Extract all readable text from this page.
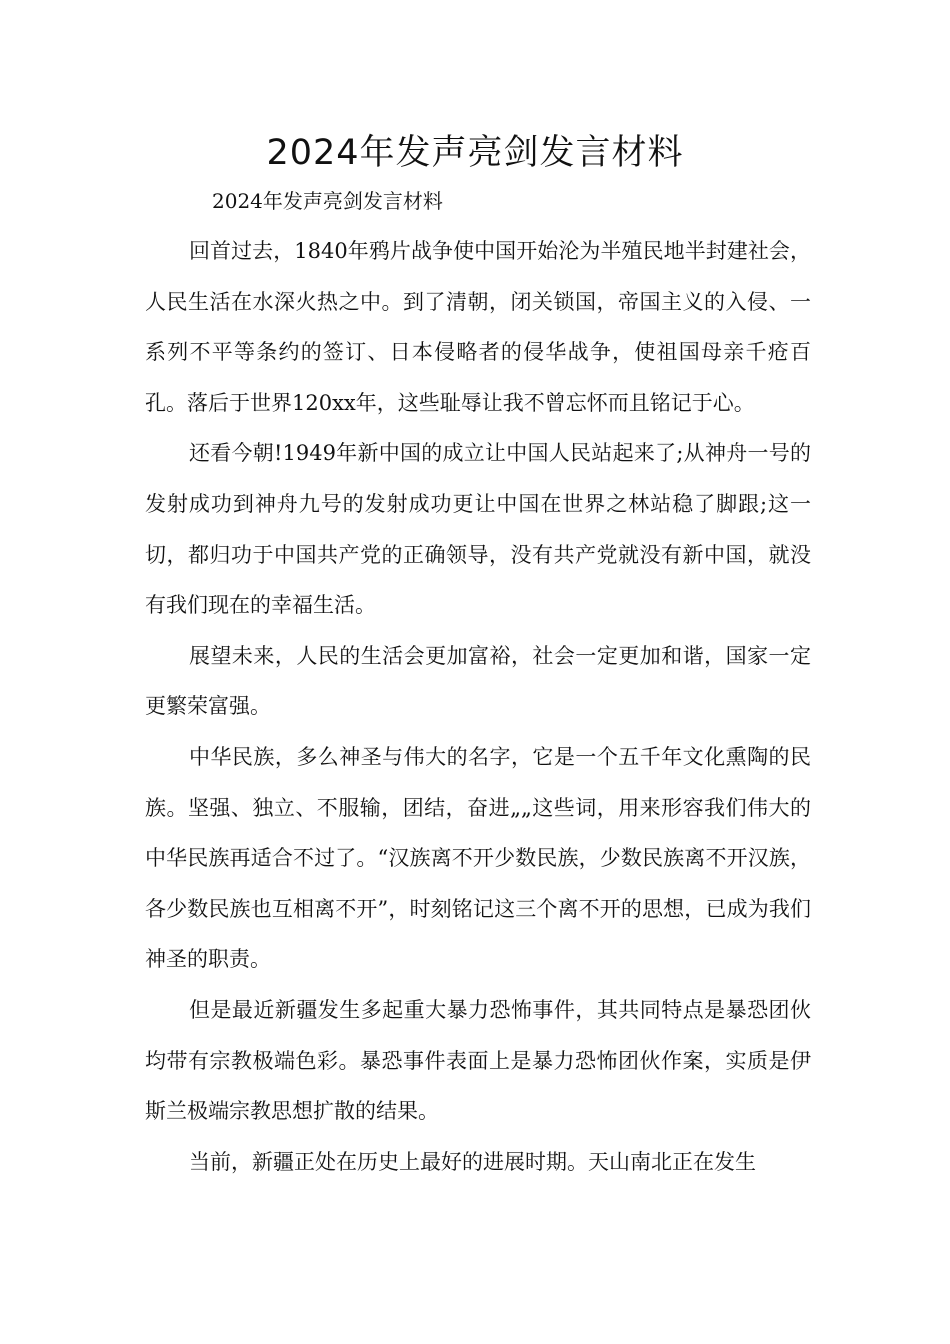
2024年发声亮剑发言材料

2024年发声亮剑发言材料

回首过去，1840年鸦片战争使中国开始沦为半殖民地半封建社会，人民生活在水深火热之中。到了清朝，闭关锁国，帝国主义的入侵、一系列不平等条约的签订、日本侵略者的侵华战争，使祖国母亲千疮百孔。落后于世界120xx年，这些耻辱让我不曾忘怀而且铭记于心。

还看今朝!1949年新中国的成立让中国人民站起来了;从神舟一号的发射成功到神舟九号的发射成功更让中国在世界之林站稳了脚跟;这一切，都归功于中国共产党的正确领导，没有共产党就没有新中国，就没有我们现在的幸福生活。

展望未来，人民的生活会更加富裕，社会一定更加和谐，国家一定更繁荣富强。

中华民族，多么神圣与伟大的名字，它是一个五千年文化熏陶的民族。坚强、独立、不服输，团结，奋进„„这些词，用来形容我们伟大的中华民族再适合不过了。“汉族离不开少数民族，少数民族离不开汉族，各少数民族也互相离不开”，时刻铭记这三个离不开的思想，已成为我们神圣的职责。

但是最近新疆发生多起重大暴力恐怖事件，其共同特点是暴恐团伙均带有宗教极端色彩。暴恐事件表面上是暴力恐怖团伙作案，实质是伊斯兰极端宗教思想扩散的结果。

当前，新疆正处在历史上最好的进展时期。天山南北正在发生
